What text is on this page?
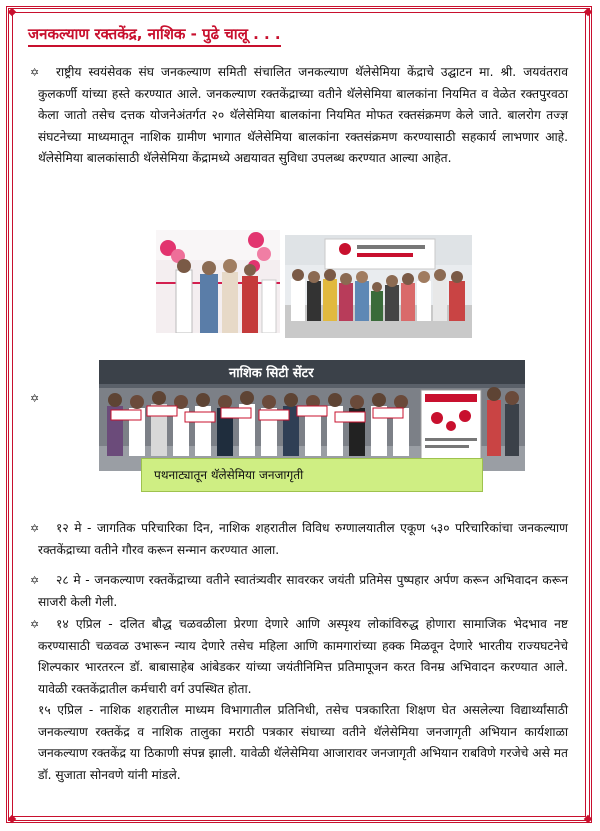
जनकल्याण रक्तकेंद्र, नाशिक - पुढे चालू . . .
✡	राष्ट्रीय स्वयंसेवक संघ जनकल्याण समिती संचालित जनकल्याण थॅलेसेमिया केंद्राचे उद्घाटन मा. श्री. जयवंतराव कुलकर्णी यांच्या हस्ते करण्यात आले. जनकल्याण रक्तकेंद्राच्या वतीने थॅलेसेमिया बालकांना नियमित व वेळेत रक्तपुरवठा केला जातो तसेच दत्तक योजनेअंतर्गत २० थॅलेसेमिया बालकांना नियमित मोफत रक्तसंक्रमण केले जाते. बालरोग तज्ज्ञ संघटनेच्या माध्यमातून नाशिक ग्रामीण भागात थॅलेसेमिया बालकांना रक्तसंक्रमण करण्यासाठी सहकार्य लाभणार आहे. थॅलेसेमिया बालकांसाठी थॅलेसेमिया केंद्रामध्ये अद्ययावत सुविधा उपलब्ध करण्यात आल्या आहेत.
✡
नाशिक सिटी सेंटर
पथनाट्यातून थॅलेसेमिया जनजागृती
✡	१२ मे - जागतिक परिचारिका दिन, नाशिक शहरातील विविध रुग्णालयातील एकूण ५३० परिचारिकांचा जनकल्याण रक्तकेंद्राच्या वतीने गौरव करून सन्मान करण्यात आला.
✡	२८ मे - जनकल्याण रक्तकेंद्राच्या वतीने स्वातंत्र्यवीर सावरकर जयंती प्रतिमेस पुष्पहार अर्पण करून अभिवादन करून साजरी केली गेली.
✡	१४ एप्रिल - दलित बौद्ध चळवळीला प्रेरणा देणारे आणि अस्पृश्य लोकांविरुद्ध होणारा सामाजिक भेदभाव नष्ट करण्यासाठी चळवळ उभारून न्याय देणारे तसेच महिला आणि कामगारांच्या हक्क मिळवून देणारे भारतीय राज्यघटनेचे शिल्पकार भारतरत्न डॉ. बाबासाहेब आंबेडकर यांच्या जयंतीनिमित्त प्रतिमापूजन करत विनम्र अभिवादन करण्यात आले. यावेळी रक्तकेंद्रातील कर्मचारी वर्ग उपस्थित होता.
१५ एप्रिल - नाशिक शहरातील माध्यम विभागातील प्रतिनिधी, तसेच पत्रकारिता शिक्षण घेत असलेल्या विद्यार्थ्यांसाठी जनकल्याण रक्तकेंद्र व नाशिक तालुका मराठी पत्रकार संघाच्या वतीने थॅलेसेमिया जनजागृती अभियान कार्यशाळा जनकल्याण रक्तकेंद्र या ठिकाणी संपन्न झाली. यावेळी थॅलेसेमिया आजारावर जनजागृती अभियान राबविणे गरजेचे असे मत डॉ. सुजाता सोनवणे यांनी मांडले.
